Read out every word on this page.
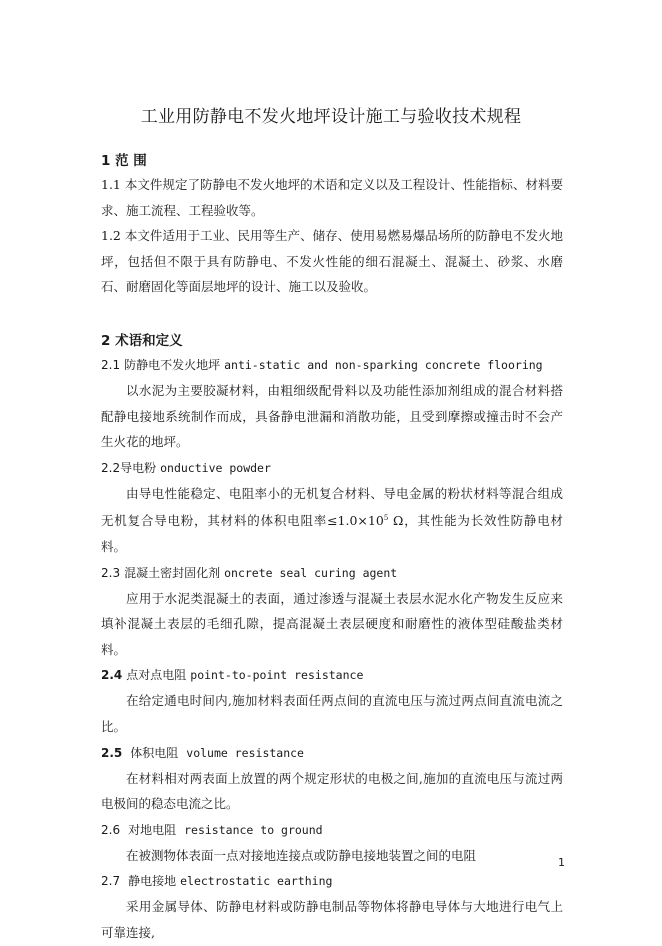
工业用防静电不发火地坪设计施工与验收技术规程
1 范 围

1.1 本文件规定了防静电不发火地坪的术语和定义以及工程设计、性能指标、材料要求、施工流程、工程验收等。

1.2 本文件适用于工业、民用等生产、储存、使用易燃易爆品场所的防静电不发火地坪，包括但不限于具有防静电、不发火性能的细石混凝土、混凝土、砂浆、水磨石、耐磨固化等面层地坪的设计、施工以及验收。

2 术语和定义
2.1 防静电不发火地坪 anti-static and non-sparking concrete flooring

以水泥为主要胶凝材料，由粗细级配骨料以及功能性添加剂组成的混合材料搭配静电接地系统制作而成，具备静电泄漏和消散功能，且受到摩擦或撞击时不会产生火花的地坪。

2.2导电粉 onductive powder

由导电性能稳定、电阻率小的无机复合材料、导电金属的粉状材料等混合组成无机复合导电粉，其材料的体积电阻率$\le 1.0\times 10^5$ Ω，其性能为长效性防静电材料。

2.3 混凝土密封固化剂 oncrete seal curing agent

应用于水泥类混凝土的表面，通过渗透与混凝土表层水泥水化产物发生反应来填补混凝土表层的毛细孔隙，提高混凝土表层硬度和耐磨性的液体型硅酸盐类材料。

2.4 点对点电阻 point-to-point resistance

在给定通电时间内,施加材料表面任两点间的直流电压与流过两点间直流电流之比。

2.5 体积电阻 volume resistance

在材料相对两表面上放置的两个规定形状的电极之间,施加的直流电压与流过两电极间的稳态电流之比。

2.6 对地电阻 resistance to ground

在被测物体表面一点对接地连接点或防静电接地装置之间的电阻

2.7 静电接地 electrostatic earthing

采用金属导体、防静电材料或防静电制品等物体将静电导体与大地进行电气上可靠连接,

1
